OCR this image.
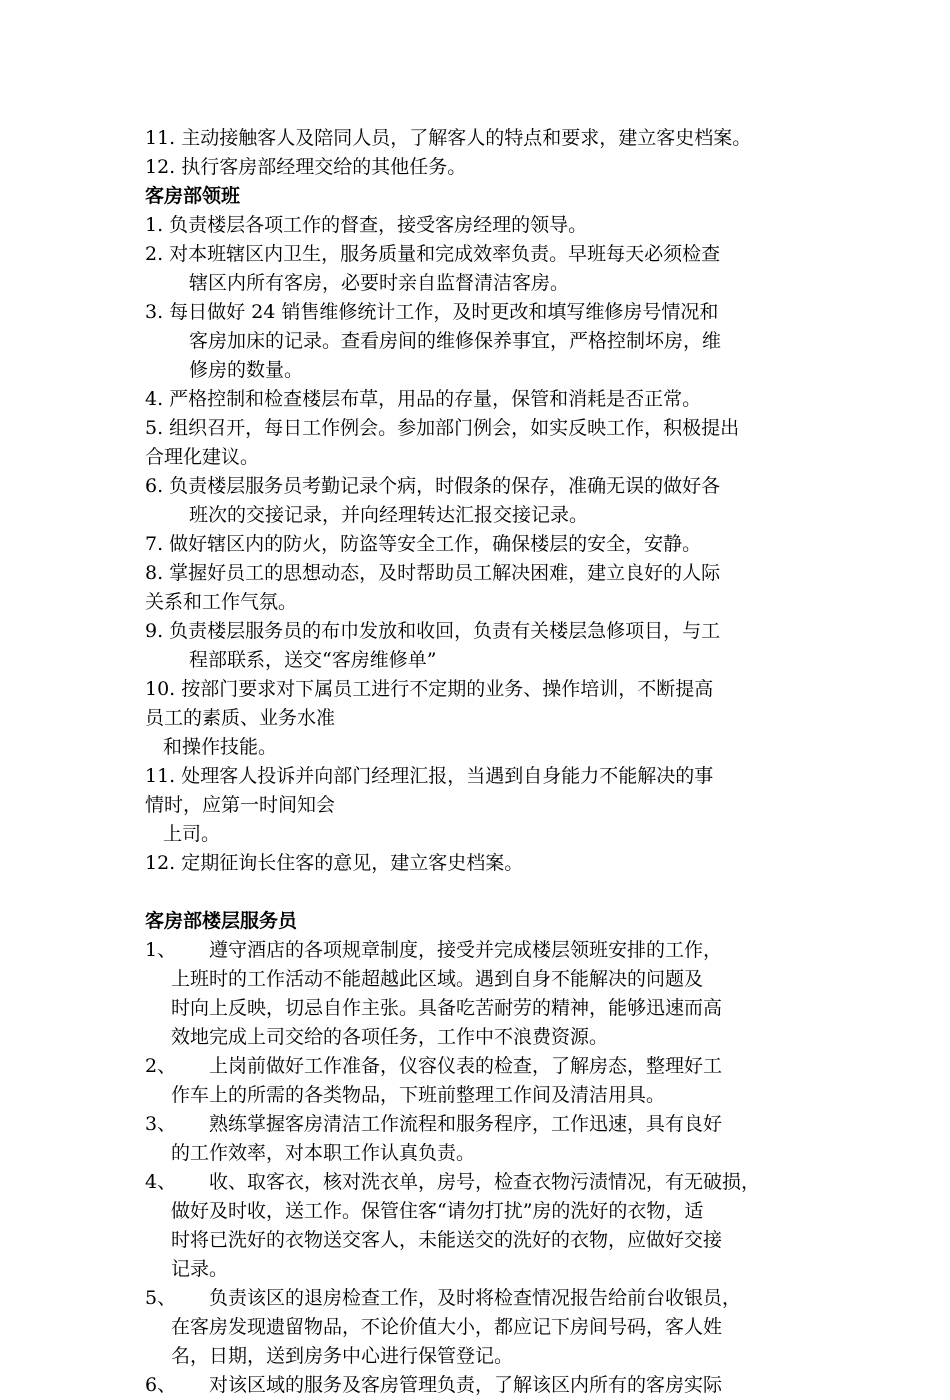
11. 主动接触客人及陪同人员，了解客人的特点和要求，建立客史档案。
12. 执行客房部经理交给的其他任务。
客房部领班
1. 负责楼层各项工作的督查，接受客房经理的领导。
2. 对本班辖区内卫生，服务质量和完成效率负责。早班每天必须检查
辖区内所有客房，必要时亲自监督清洁客房。
3. 每日做好 24 销售维修统计工作，及时更改和填写维修房号情况和
客房加床的记录。查看房间的维修保养事宜，严格控制坏房，维
修房的数量。
4. 严格控制和检查楼层布草，用品的存量，保管和消耗是否正常。
5. 组织召开，每日工作例会。参加部门例会，如实反映工作，积极提出
合理化建议。
6. 负责楼层服务员考勤记录个病，时假条的保存，准确无误的做好各
班次的交接记录，并向经理转达汇报交接记录。
7. 做好辖区内的防火，防盗等安全工作，确保楼层的安全，安静。
8. 掌握好员工的思想动态，及时帮助员工解决困难，建立良好的人际
关系和工作气氛。
9. 负责楼层服务员的布巾发放和收回，负责有关楼层急修项目，与工
程部联系，送交“客房维修单”
10. 按部门要求对下属员工进行不定期的业务、操作培训，不断提高
员工的素质、业务水准
和操作技能。
11. 处理客人投诉并向部门经理汇报，当遇到自身能力不能解决的事
情时，应第一时间知会
上司。
12. 定期征询长住客的意见，建立客史档案。
客房部楼层服务员
1、	遵守酒店的各项规章制度，接受并完成楼层领班安排的工作，
上班时的工作活动不能超越此区域。遇到自身不能解决的问题及
时向上反映，切忌自作主张。具备吃苦耐劳的精神，能够迅速而高
效地完成上司交给的各项任务，工作中不浪费资源。
2、	上岗前做好工作准备，仪容仪表的检查，了解房态，整理好工
作车上的所需的各类物品，下班前整理工作间及清洁用具。
3、	熟练掌握客房清洁工作流程和服务程序，工作迅速，具有良好
的工作效率，对本职工作认真负责。
4、	收、取客衣，核对洗衣单，房号，检查衣物污渍情况，有无破损，
做好及时收，送工作。保管住客“请勿打扰”房的洗好的衣物，适
时将已洗好的衣物送交客人，未能送交的洗好的衣物，应做好交接
记录。
5、	负责该区的退房检查工作，及时将检查情况报告给前台收银员，
在客房发现遗留物品，不论价值大小，都应记下房间号码，客人姓
名，日期，送到房务中心进行保管登记。
6、	对该区域的服务及客房管理负责，了解该区内所有的客房实际
